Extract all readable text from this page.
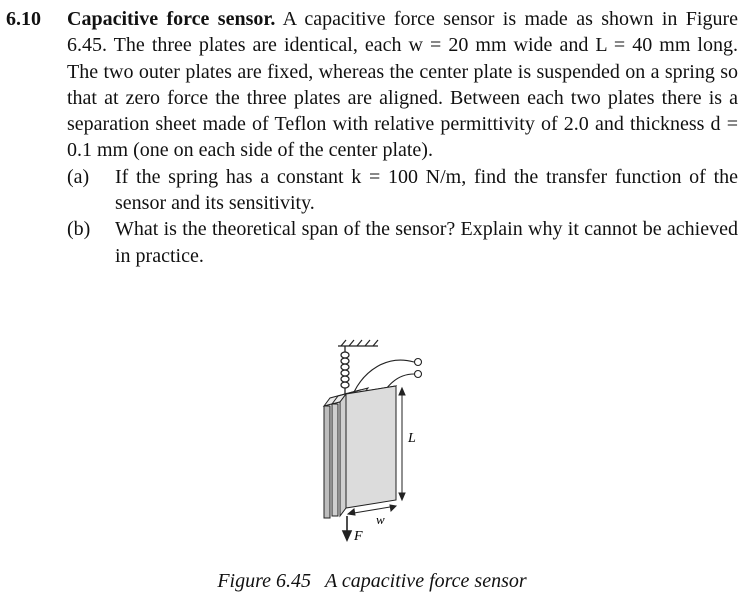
6.10 Capacitive force sensor. A capacitive force sensor is made as shown in Figure 6.45. The three plates are identical, each w = 20 mm wide and L = 40 mm long. The two outer plates are fixed, whereas the center plate is suspended on a spring so that at zero force the three plates are aligned. Between each two plates there is a separation sheet made of Teflon with relative permittivity of 2.0 and thickness d = 0.1 mm (one on each side of the center plate).
(a) If the spring has a constant k = 100 N/m, find the transfer function of the sensor and its sensitivity.
(b) What is the theoretical span of the sensor? Explain why it cannot be achieved in practice.
L
w
F
Figure 6.45 A capacitive force sensor
